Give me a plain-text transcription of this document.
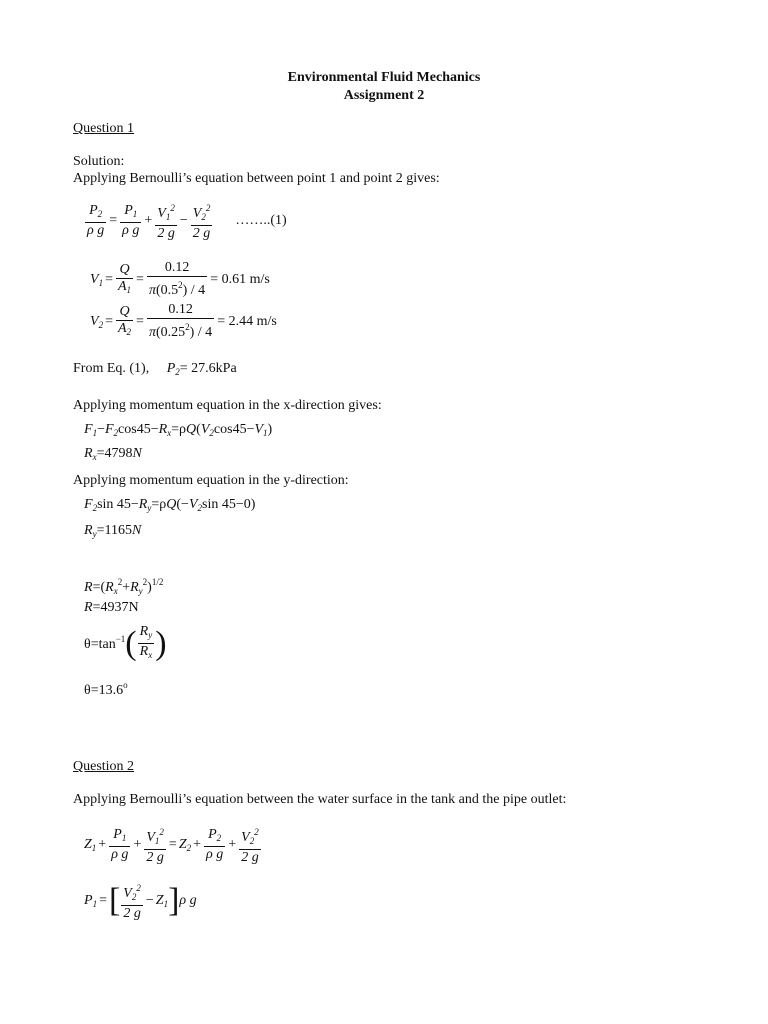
Environmental Fluid Mechanics
Assignment 2
Question 1
Solution:
Applying Bernoulli’s equation between point 1 and point 2 gives:
$\frac{P_2}{\text{ρ g}} = \frac{P_1}{\text{ρ g}} + \frac{V_1^2}{2 g} - \frac{V_2^2}{2 g}$ ……..(1)
$V_1 = \frac{Q}{A_1} = \frac{0.12}{\pi(0.5^2) / 4} = 0.61$ m/s
$V_2 = \frac{Q}{A_2} = \frac{0.12}{\pi(0.25^2) / 4} = 2.44$ m/s
From Eq. (1), $P_2= 27.6kPa$
Applying momentum equation in the x-direction gives:
$F_1-F_2\cos 45-R_x=\rho Q(V_2\cos 45-V_1)$
$R_x=4798N$
Applying momentum equation in the y-direction:
$F_2\sin$ $45-R_y=\rho Q(-V_2\sin$ 45−0)
$R_y=1165N$
$R=(R_x^2+R_y^2)^{1/2}$
R=4937N
$\theta=\tan^{-1}$ ( $\frac{R_y}{R_x}$ )
$\theta=13.6^o$
Question 2
Applying Bernoulli’s equation between the water surface in the tank and the pipe outlet:
$Z_1 + \frac{P_1}{\text{ρ g}} + \frac{V_1^2}{2 g} = Z_2 + \frac{P_2}{\text{ρ g}} + \frac{V_2^2}{2 g}$
$P_1$ = [ $\frac{V_2^2}{2 g} - Z_1$ ] ρ g
